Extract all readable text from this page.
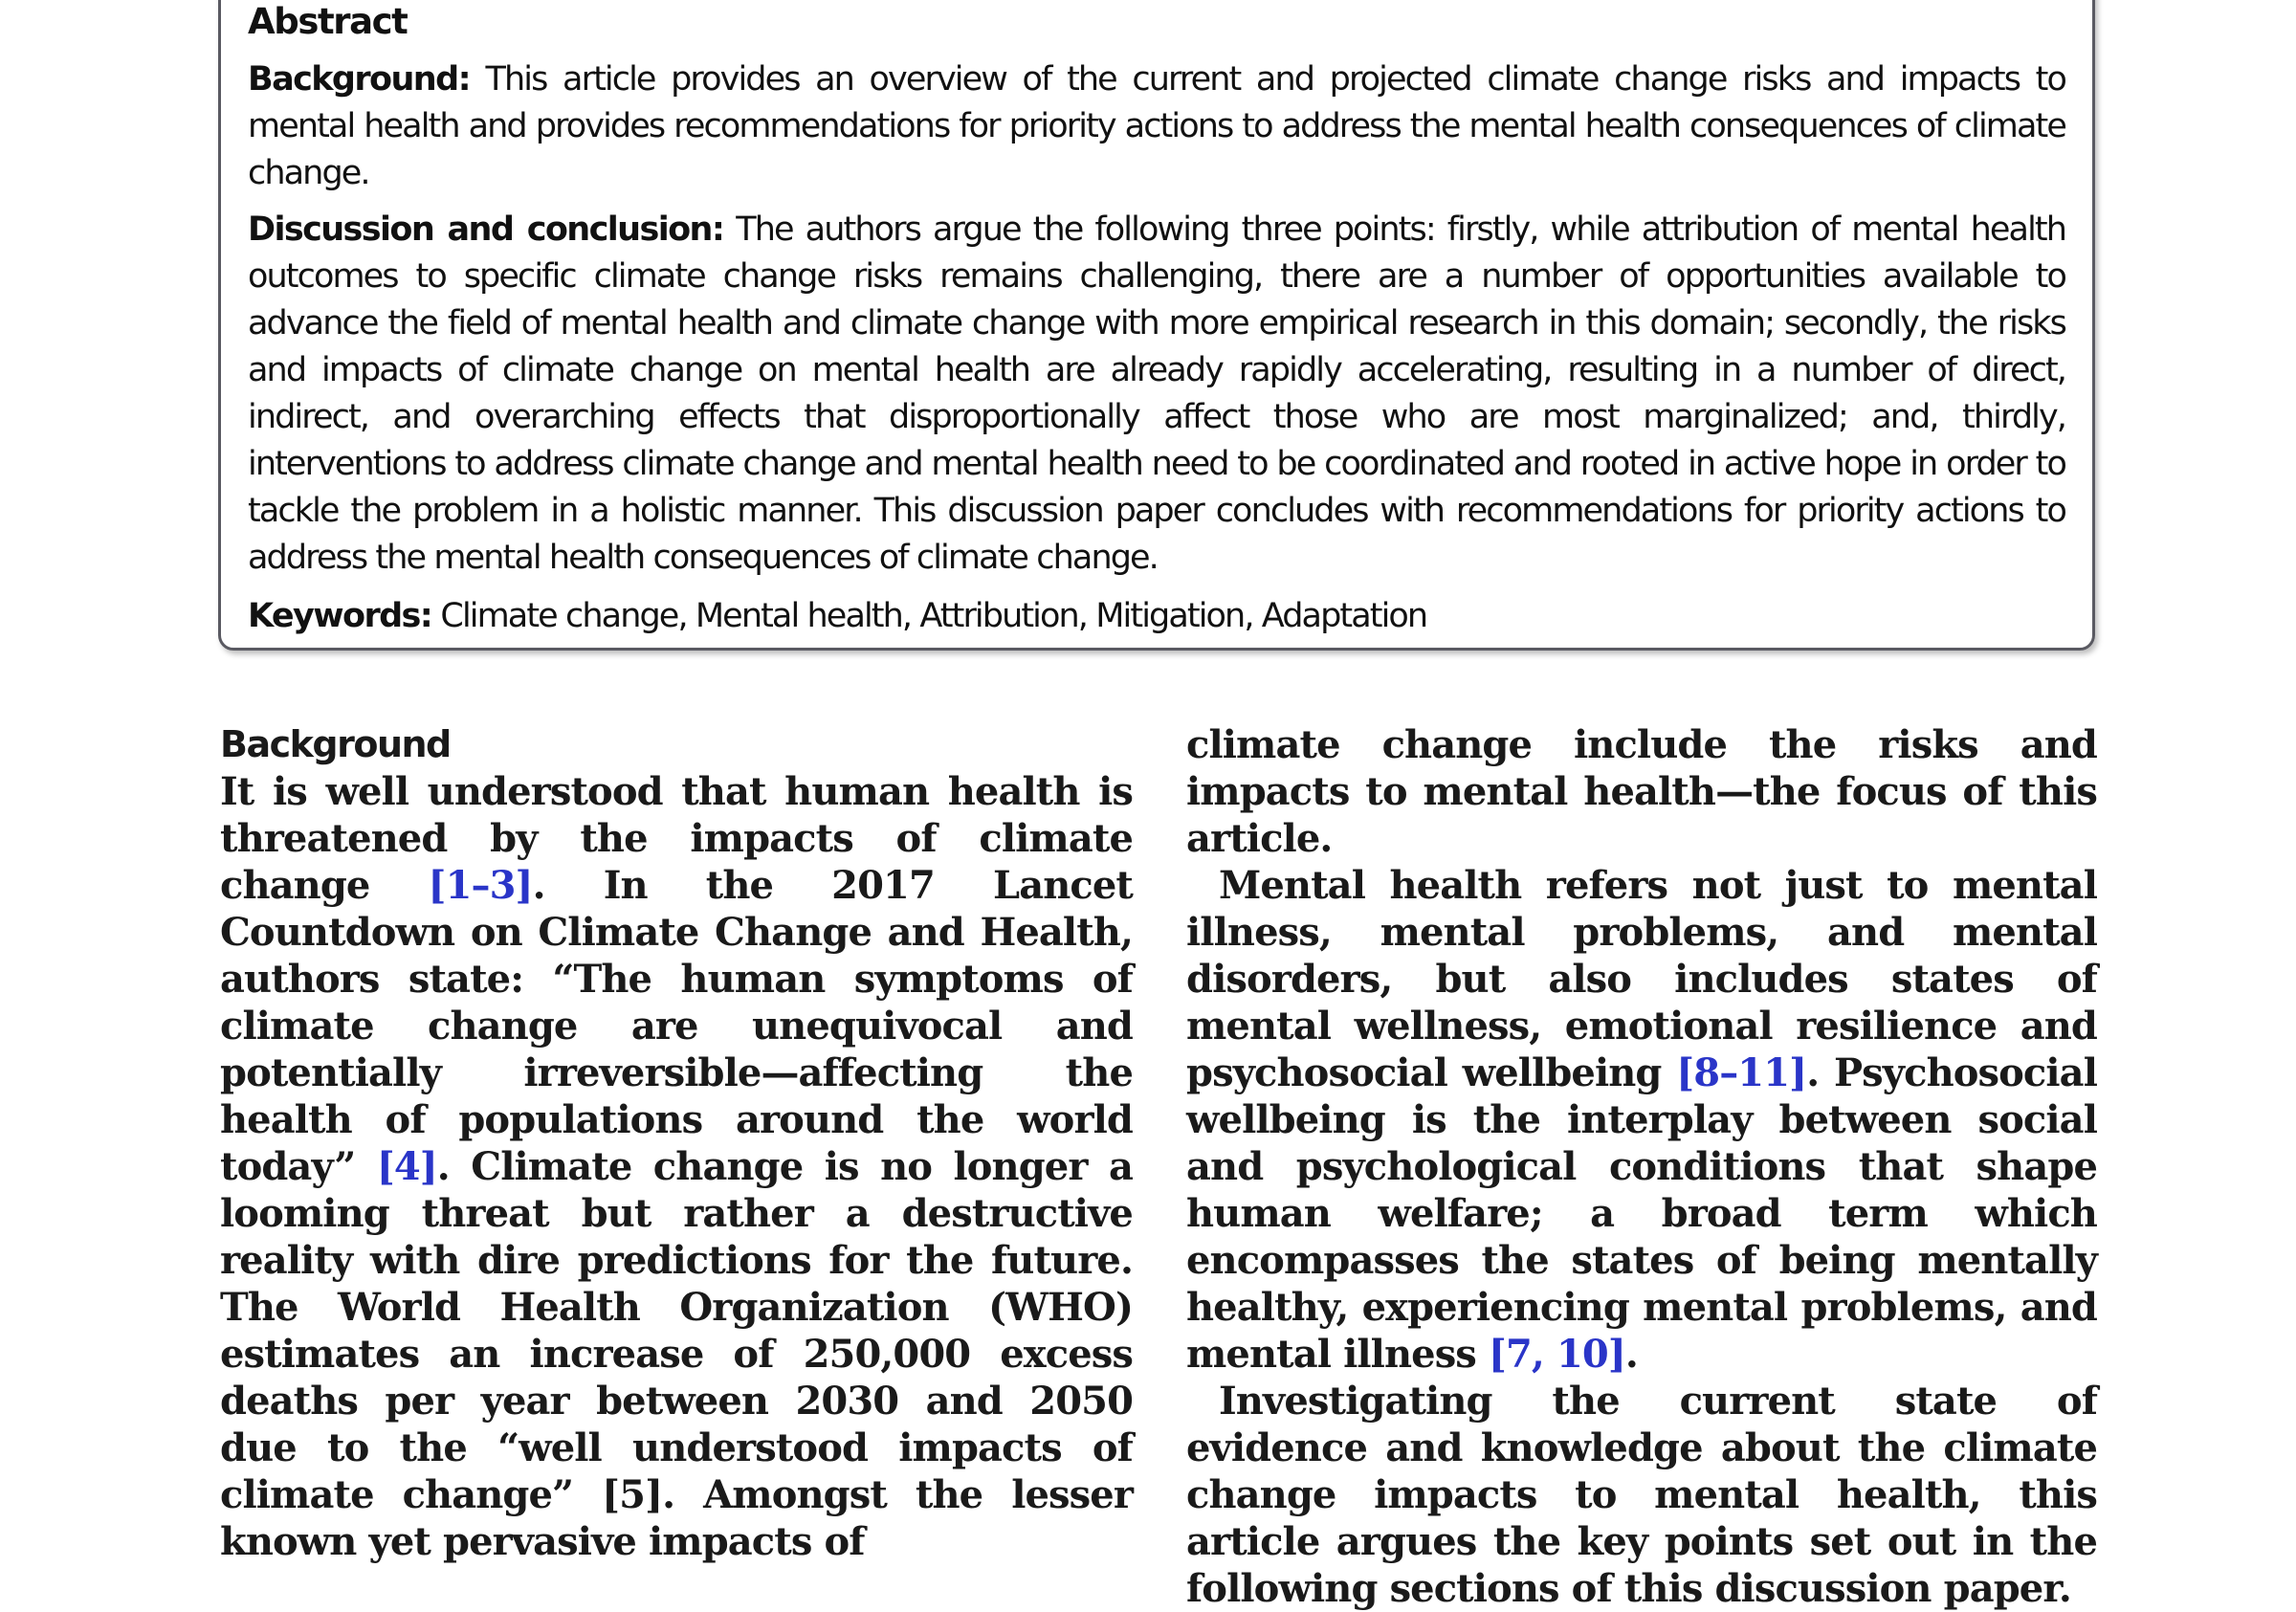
Abstract

Background: This article provides an overview of the current and projected climate change risks and impacts to mental health and provides recommendations for priority actions to address the mental health consequences of climate change.

Discussion and conclusion: The authors argue the following three points: firstly, while attribution of mental health outcomes to specific climate change risks remains challenging, there are a number of opportunities available to advance the field of mental health and climate change with more empirical research in this domain; secondly, the risks and impacts of climate change on mental health are already rapidly accelerating, resulting in a number of direct, indirect, and overarching effects that disproportionally affect those who are most marginalized; and, thirdly, interventions to address climate change and mental health need to be coordinated and rooted in active hope in order to tackle the problem in a holistic manner. This discussion paper concludes with recommendations for priority actions to address the mental health consequences of climate change.

Keywords: Climate change, Mental health, Attribution, Mitigation, Adaptation
Background

It is well understood that human health is threatened by the impacts of climate change [1–3]. In the 2017 Lancet Countdown on Climate Change and Health, authors state: “The human symptoms of climate change are unequivocal and potentially irreversible—affecting the health of populations around the world today” [4]. Climate change is no longer a looming threat but rather a destructive reality with dire predictions for the future. The World Health Organization (WHO) estimates an increase of 250,000 excess deaths per year between 2030 and 2050 due to the “well understood impacts of climate change” [5]. Amongst the lesser known yet pervasive impacts of

climate change include the risks and impacts to mental health—the focus of this article.

Mental health refers not just to mental illness, mental problems, and mental disorders, but also includes states of mental wellness, emotional resilience and psychosocial wellbeing [8–11]. Psychosocial wellbeing is the interplay between social and psychological conditions that shape human welfare; a broad term which encompasses the states of being mentally healthy, experiencing mental problems, and mental illness [7, 10].

Investigating the current state of evidence and knowledge about the climate change impacts to mental health, this article argues the key points set out in the following sections of this discussion paper.
